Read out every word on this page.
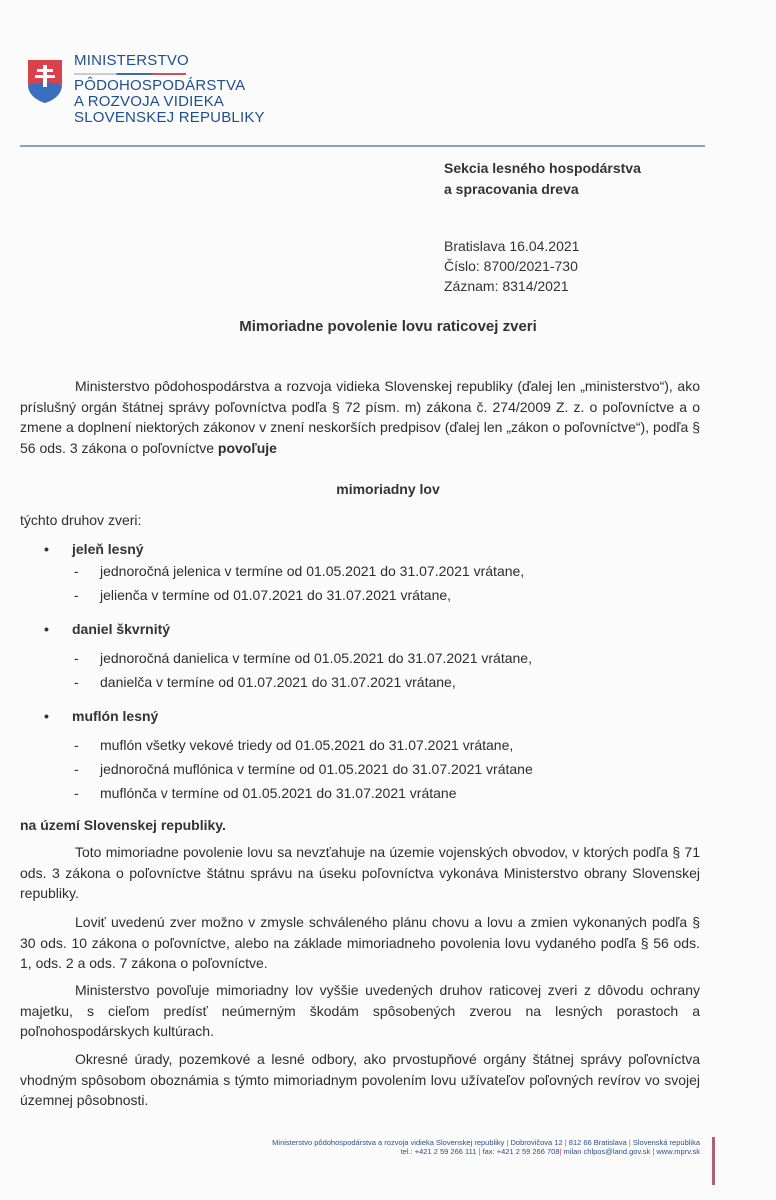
MINISTERSTVO
PÔDOHOSPODÁRSTVA
A ROZVOJA VIDIEKA
SLOVENSKEJ REPUBLIKY
Sekcia lesného hospodárstva
a spracovania dreva
Bratislava 16.04.2021
Číslo: 8700/2021-730
Záznam: 8314/2021
Mimoriadne povolenie lovu raticovej zveri
Ministerstvo pôdohospodárstva a rozvoja vidieka Slovenskej republiky (ďalej len „ministerstvo“), ako príslušný orgán štátnej správy poľovníctva podľa § 72 písm. m) zákona č. 274/2009 Z. z. o poľovníctve a o zmene a doplnení niektorých zákonov v znení neskorších predpisov (ďalej len „zákon o poľovníctve“), podľa § 56 ods. 3 zákona o poľovníctve povoľuje
mimoriadny lov
týchto druhov zveri:
• jeleň lesný
- jednoročná jelenica v termíne od 01.05.2021 do 31.07.2021 vrátane,
- jelienča v termíne od 01.07.2021 do 31.07.2021 vrátane,
• daniel škvrnitý
- jednoročná danielica v termíne od 01.05.2021 do 31.07.2021 vrátane,
- danielča v termíne od 01.07.2021 do 31.07.2021 vrátane,
• muflón lesný
- muflón všetky vekové triedy od 01.05.2021 do 31.07.2021 vrátane,
- jednoročná muflónica v termíne od 01.05.2021 do 31.07.2021 vrátane
- muflónča v termíne od 01.05.2021 do 31.07.2021 vrátane
na území Slovenskej republiky.
Toto mimoriadne povolenie lovu sa nevzťahuje na územie vojenských obvodov, v ktorých podľa § 71 ods. 3 zákona o poľovníctve štátnu správu na úseku poľovníctva vykonáva Ministerstvo obrany Slovenskej republiky.
Loviť uvedenú zver možno v zmysle schváleného plánu chovu a lovu a zmien vykonaných podľa § 30 ods. 10 zákona o poľovníctve, alebo na základe mimoriadneho povolenia lovu vydaného podľa § 56 ods. 1, ods. 2 a ods. 7 zákona o poľovníctve.
Ministerstvo povoľuje mimoriadny lov vyššie uvedených druhov raticovej zveri z dôvodu ochrany majetku, s cieľom predísť neúmerným škodám spôsobených zverou na lesných porastoch a poľnohospodárskych kultúrach.
Okresné úrady, pozemkové a lesné odbory, ako prvostupňové orgány štátnej správy poľovníctva vhodným spôsobom oboznámia s týmto mimoriadnym povolením lovu užívateľov poľovných revírov vo svojej územnej pôsobnosti.
Ministerstvo pôdohospodárstva a rozvoja vidieka Slovenskej republiky | Dobrovičova 12 | 812 66 Bratislava | Slovenská republika
tel.: +421 2 59 266 111 | fax: +421 2 59 266 708| milan chlpos@land.gov.sk | www.mprv.sk
